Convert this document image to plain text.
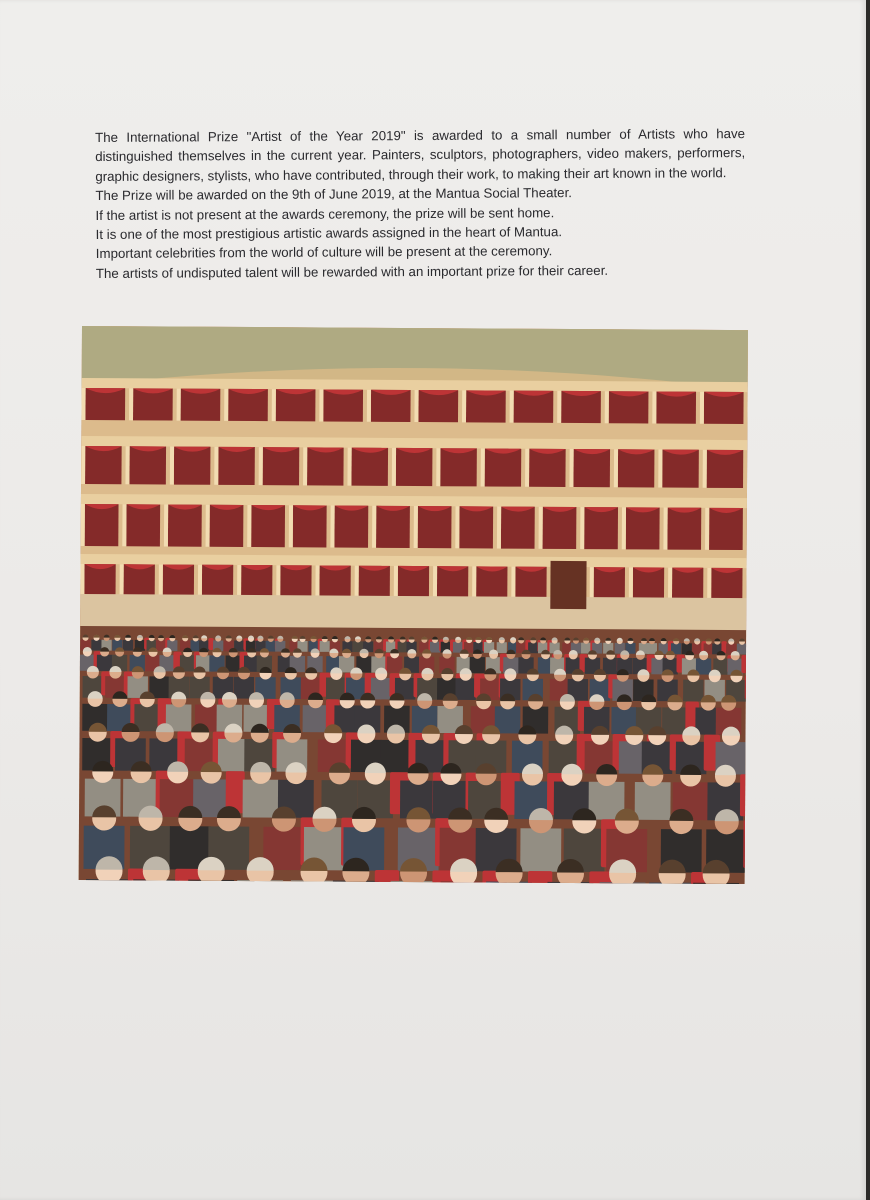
The International Prize "Artist of the Year 2019" is awarded to a small number of Artists who have distinguished themselves in the current year. Painters, sculptors, photographers, video makers, performers, graphic designers, stylists, who have contributed, through their work, to making their art known in the world.

The Prize will be awarded on the 9th of June 2019, at the Mantua Social Theater.

If the artist is not present at the awards ceremony, the prize will be sent home.

It is one of the most prestigious artistic awards assigned in the heart of Mantua.

Important celebrities from the world of culture will be present at the ceremony.

The artists of undisputed talent will be rewarded with an important prize for their career.
